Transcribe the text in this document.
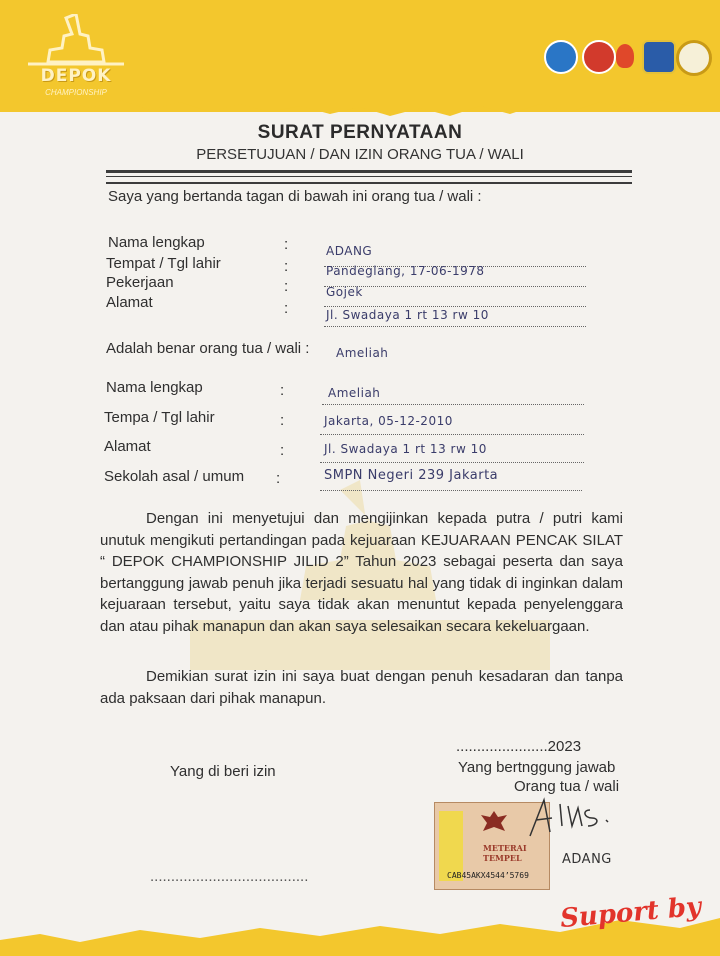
DEPOK
CHAMPIONSHIP
SURAT PERNYATAAN
PERSETUJUAN / DAN IZIN ORANG TUA / WALI
Saya yang bertanda tagan di bawah ini orang tua / wali :
Nama lengkap	:	ADANG
Tempat / Tgl lahir	:	Pandeglang, 17-06-1978
Pekerjaan	:	Gojek
Alamat	:	Jl. Swadaya 1 rt 13 rw 10
Adalah benar orang tua / wali : Ameliah
Nama lengkap	:	Ameliah
Tempa / Tgl lahir	:	Jakarta, 05-12-2010
Alamat	:	Jl. Swadaya 1 rt 13 rw 10
Sekolah asal / umum :	SMPN Negeri 239 Jakarta
Dengan ini menyetujui dan mengijinkan kepada putra / putri kami unutuk mengikuti pertandingan pada kejuaraan KEJUARAAN PENCAK SILAT “ DEPOK CHAMPIONSHIP JILID 2” Tahun 2023 sebagai peserta dan saya bertanggung jawab penuh jika terjadi sesuatu hal yang tidak di inginkan dalam kejuaraan tersebut, yaitu saya tidak akan menuntut kepada penyelenggara dan atau pihak manapun dan akan saya selesaikan secara kekeluargaan.
Demikian surat izin ini saya buat dengan penuh kesadaran dan tanpa ada paksaan dari pihak manapun.
......................2023
Yang di beri izin	Yang bertnggung jawab
Orang tua / wali
......................................
METERAI
TEMPEL
CAB45AKX4544’5769
ADANG
Suport by
